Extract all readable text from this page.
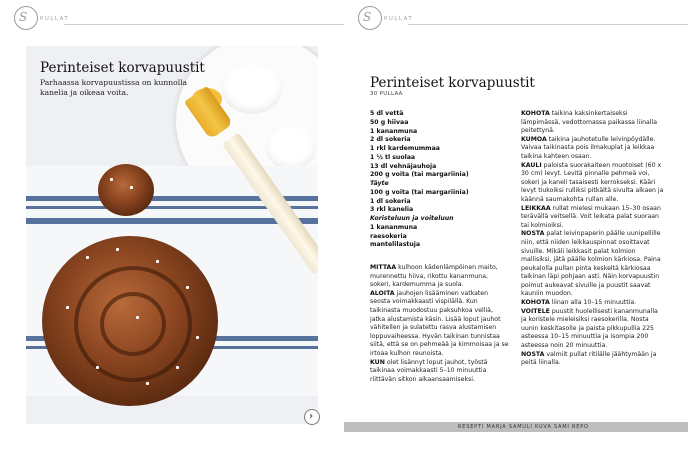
S PULLAT
Perinteiset korvapuustit
Parhaassa korvapuustissa on kunnolla kanelia ja oikeaa voita.
›
S PULLAT
Perinteiset korvapuustit
30 PULLAA
5 dl vettä
50 g hiivaa
1 kananmuna
2 dl sokeria
1 rkl kardemummaa
1 ½ tl suolaa
13 dl vehnäjauhoja
200 g voita (tai margariinia)
Täyte
100 g voita (tai margariinia)
1 dl sokeria
3 rkl kanelia
Koristeluun ja voiteluun
1 kananmuna
raesokeria
mantelilastuja

MITTAA kulhoon kädenlämpöinen maito, murennettu hiiva, rikottu kananmuna, sokeri, kardemumma ja suola.

ALOITA jauhojen lisääminen vatkaten seosta voimakkaasti vispilällä. Kun taikinasta muodostuu paksuhkoa velliä, jatka alustamista käsin. Lisää loput jauhot vähitellen ja sulatettu rasva alustamisen loppuvaiheessa. Hyvän taikinan tunnistaa siitä, että se on pehmeää ja kimmoisaa ja se irtoaa kulhon reunoista.

KUN olet lisännyt loput jauhot, työstä taikinaa voimakkaasti 5–10 minuuttia riittävän sitkon aikaansaamiseksi.

KOHOTA taikina kaksinkertaiseksi lämpimässä, vedottomassa paikassa liinalla peitettynä.

KUMOA taikina jauhotetulle leivinpöydälle. Vaivaa taikinasta pois ilmakuplat ja leikkaa taikina kahteen osaan.

KAULI paloista suorakaiteen muotoiset (60 x 30 cm) levyt. Levitä pinnalle pehmeä voi, sokeri ja kaneli tasaisesti kerrokseksi. Kääri levyt tiukoiksi rulliksi pitkältä sivulta alkaen ja käännä saumakohta rullan alle.

LEIKKAA rullat mielesi mukaan 15–30 osaan terävällä veitsellä. Voit leikata palat suoraan tai kolmioiksi.

NOSTA palat leivinpaperin päälle uunipellille niin, että niiden leikkauspinnat osoittavat sivuille. Mikäli leikkasit palat kolmion mallisiksi, jätä päälle kolmion kärkiosa. Paina peukalolla pullan pinta keskeltä kärkiosaa taikinan läpi pohjaan asti. Näin korvapuustin poimut aukeavat sivuille ja puustit saavat kauniin muodon.

KOHOTA liinan alla 10–15 minuuttia.

VOITELE puustit huolellisesti kananmunalla ja koristele mieleisiksi raesokerilla. Nosta uunin keskitasolle ja paista pikkupullia 225 asteessa 10–15 minuuttia ja isompia 200 asteessa noin 20 minuuttia.

NOSTA valmiit pullat ritilälle jäähtymään ja peitä liinalla.

RESEPTI MARJA SAMULI KUVA SAMI REPO
